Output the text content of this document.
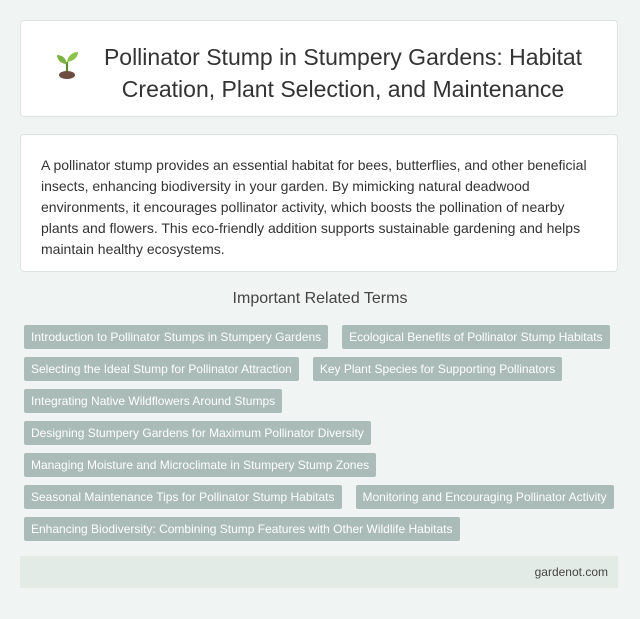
Pollinator Stump in Stumpery Gardens: Habitat Creation, Plant Selection, and Maintenance

A pollinator stump provides an essential habitat for bees, butterflies, and other beneficial insects, enhancing biodiversity in your garden. By mimicking natural deadwood environments, it encourages pollinator activity, which boosts the pollination of nearby plants and flowers. This eco-friendly addition supports sustainable gardening and helps maintain healthy ecosystems.

Important Related Terms
Introduction to Pollinator Stumps in Stumpery Gardens	Ecological Benefits of Pollinator Stump Habitats
Selecting the Ideal Stump for Pollinator Attraction	Key Plant Species for Supporting Pollinators
Integrating Native Wildflowers Around Stumps
Designing Stumpery Gardens for Maximum Pollinator Diversity
Managing Moisture and Microclimate in Stumpery Stump Zones
Seasonal Maintenance Tips for Pollinator Stump Habitats	Monitoring and Encouraging Pollinator Activity
Enhancing Biodiversity: Combining Stump Features with Other Wildlife Habitats
gardenot.com
